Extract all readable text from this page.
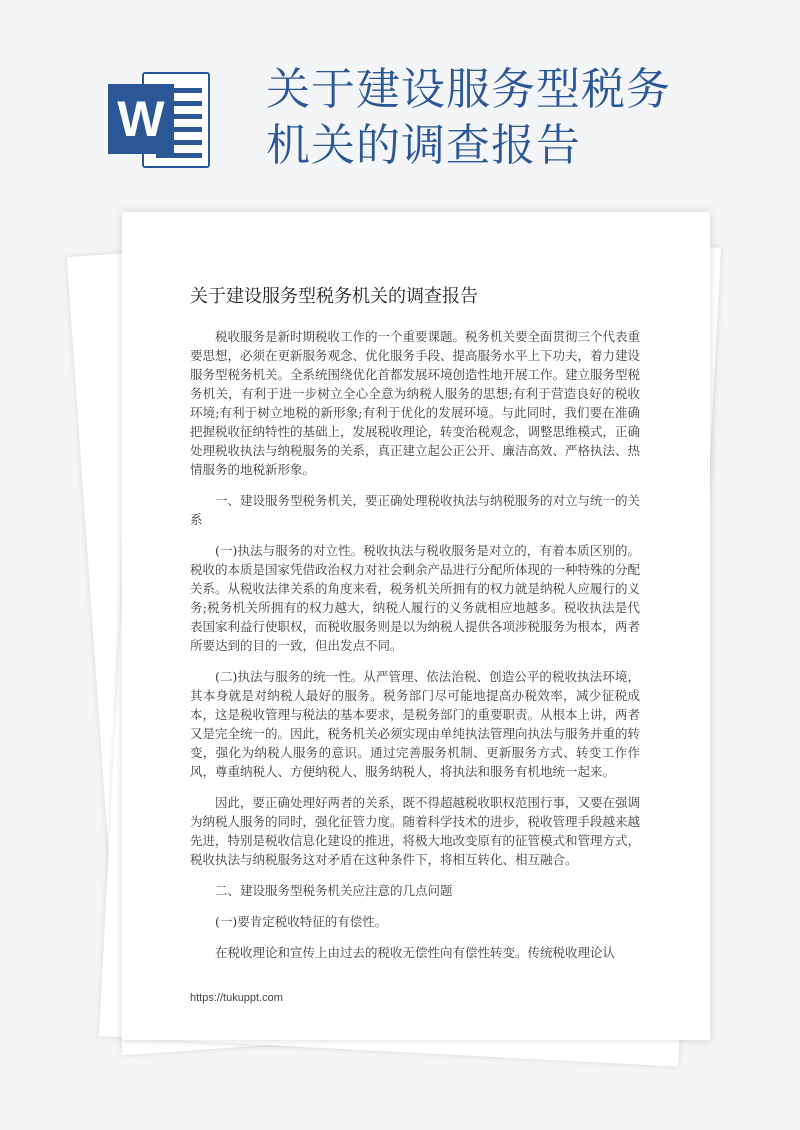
W
关于建设服务型税务机关的调查报告
关于建设服务型税务机关的调查报告

税收服务是新时期税收工作的一个重要课题。税务机关要全面贯彻三个代表重要思想，必须在更新服务观念、优化服务手段、提高服务水平上下功夫，着力建设服务型税务机关。全系统围绕优化首都发展环境创造性地开展工作。建立服务型税务机关，有利于进一步树立全心全意为纳税人服务的思想;有利于营造良好的税收环境;有利于树立地税的新形象;有利于优化的发展环境。与此同时，我们要在准确把握税收征纳特性的基础上，发展税收理论，转变治税观念，调整思维模式，正确处理税收执法与纳税服务的关系，真正建立起公正公开、廉洁高效、严格执法、热情服务的地税新形象。

一、建设服务型税务机关，要正确处理税收执法与纳税服务的对立与统一的关系

(一)执法与服务的对立性。税收执法与税收服务是对立的，有着本质区别的。税收的本质是国家凭借政治权力对社会剩余产品进行分配所体现的一种特殊的分配关系。从税收法律关系的角度来看，税务机关所拥有的权力就是纳税人应履行的义务;税务机关所拥有的权力越大，纳税人履行的义务就相应地越多。税收执法是代表国家利益行使职权，而税收服务则是以为纳税人提供各项涉税服务为根本，两者所要达到的目的一致，但出发点不同。

(二)执法与服务的统一性。从严管理、依法治税、创造公平的税收执法环境，其本身就是对纳税人最好的服务。税务部门尽可能地提高办税效率，减少征税成本，这是税收管理与税法的基本要求，是税务部门的重要职责。从根本上讲，两者又是完全统一的。因此，税务机关必须实现由单纯执法管理向执法与服务并重的转变，强化为纳税人服务的意识。通过完善服务机制、更新服务方式、转变工作作风，尊重纳税人、方便纳税人、服务纳税人，将执法和服务有机地统一起来。

因此，要正确处理好两者的关系，既不得超越税收职权范围行事，又要在强调为纳税人服务的同时，强化征管力度。随着科学技术的进步，税收管理手段越来越先进，特别是税收信息化建设的推进，将极大地改变原有的征管模式和管理方式，税收执法与纳税服务这对矛盾在这种条件下，将相互转化、相互融合。

二、建设服务型税务机关应注意的几点问题

(一)要肯定税收特征的有偿性。

在税收理论和宣传上由过去的税收无偿性向有偿性转变。传统税收理论认

https://tukuppt.com
